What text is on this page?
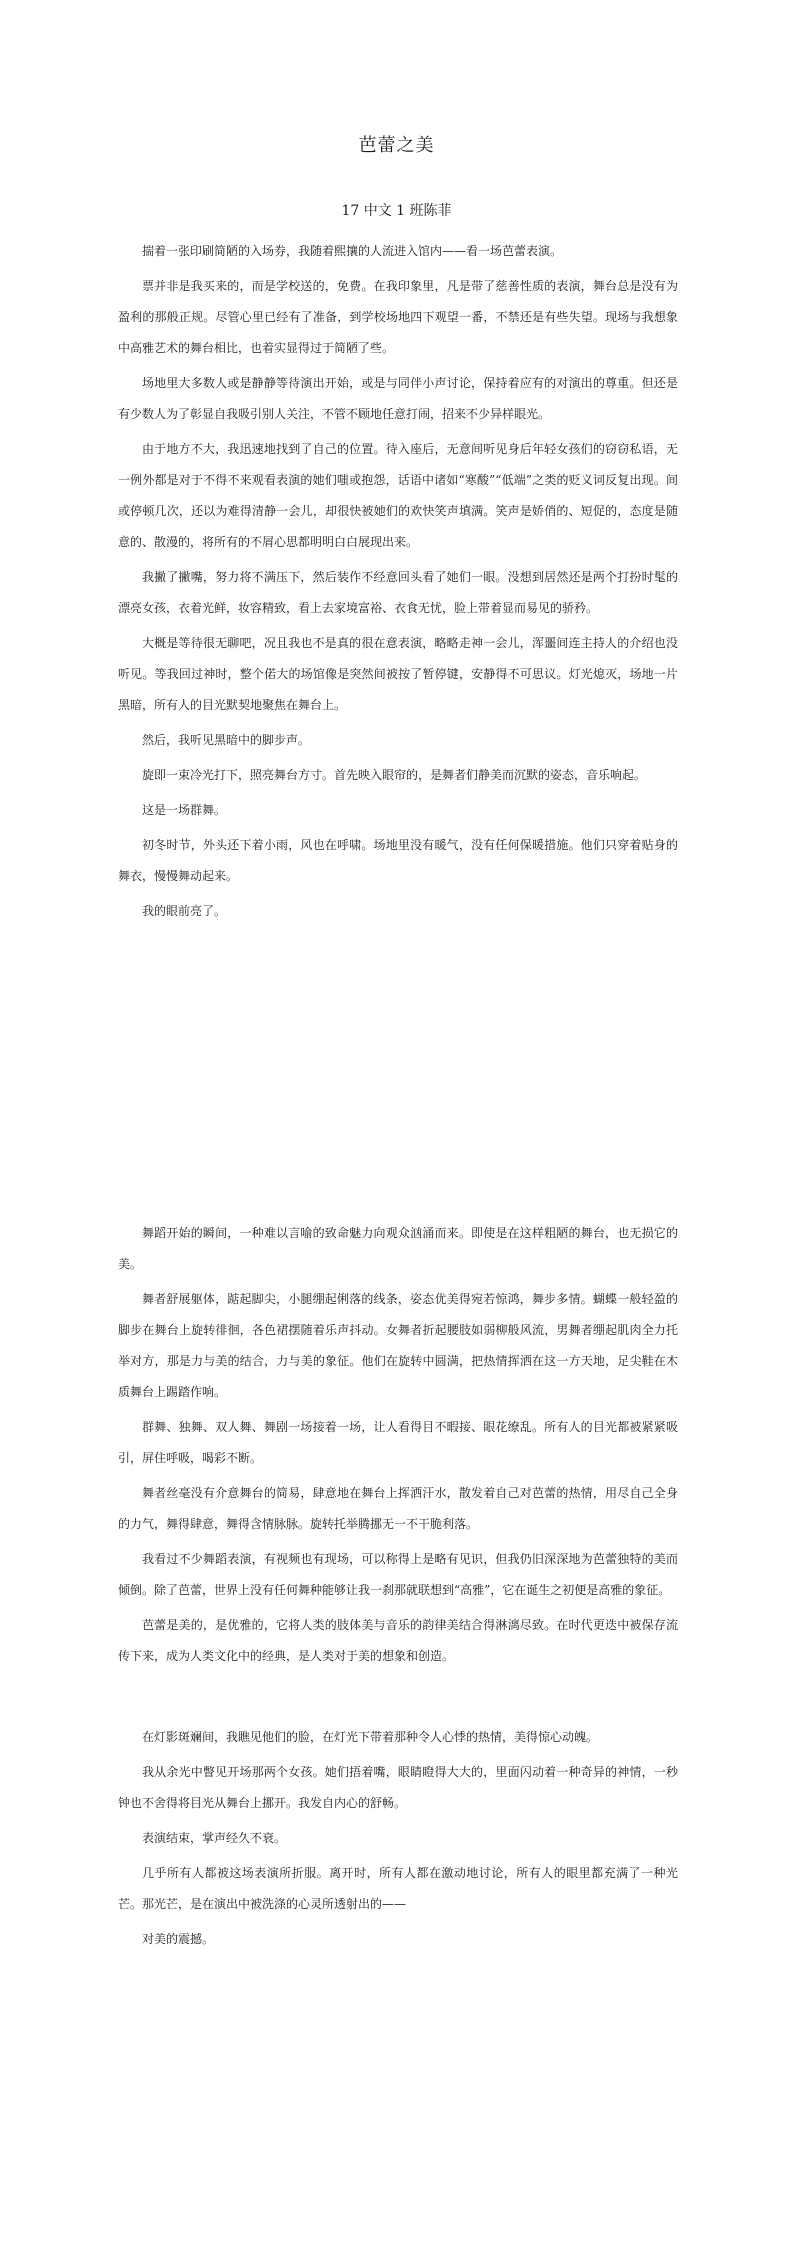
芭蕾之美
17 中文 1 班陈菲

揣着一张印刷简陋的入场券，我随着熙攘的人流进入馆内——看一场芭蕾表演。

票并非是我买来的，而是学校送的，免费。在我印象里，凡是带了慈善性质的表演，舞台总是没有为盈利的那般正规。尽管心里已经有了准备，到学校场地四下观望一番，不禁还是有些失望。现场与我想象中高雅艺术的舞台相比，也着实显得过于简陋了些。

场地里大多数人或是静静等待演出开始，或是与同伴小声讨论，保持着应有的对演出的尊重。但还是有少数人为了彰显自我吸引别人关注，不管不顾地任意打闹，招来不少异样眼光。

由于地方不大，我迅速地找到了自己的位置。待入座后，无意间听见身后年轻女孩们的窃窃私语，无一例外都是对于不得不来观看表演的她们嗤或抱怨，话语中诸如“寒酸”“低端”之类的贬义词反复出现。间或停顿几次，还以为难得清静一会儿，却很快被她们的欢快笑声填满。笑声是娇俏的、短促的，态度是随意的、散漫的，将所有的不屑心思都明明白白展现出来。

我撇了撇嘴，努力将不满压下，然后装作不经意回头看了她们一眼。没想到居然还是两个打扮时髦的漂亮女孩，衣着光鲜，妆容精致，看上去家境富裕、衣食无忧，脸上带着显而易见的骄矜。

大概是等待很无聊吧，况且我也不是真的很在意表演，略略走神一会儿，浑噩间连主持人的介绍也没听见。等我回过神时，整个偌大的场馆像是突然间被按了暂停键，安静得不可思议。灯光熄灭，场地一片黑暗，所有人的目光默契地聚焦在舞台上。

然后，我听见黑暗中的脚步声。

旋即一束冷光打下，照亮舞台方寸。首先映入眼帘的，是舞者们静美而沉默的姿态，音乐响起。

这是一场群舞。

初冬时节，外头还下着小雨，风也在呼啸。场地里没有暖气，没有任何保暖措施。他们只穿着贴身的舞衣，慢慢舞动起来。

我的眼前亮了。

舞蹈开始的瞬间，一种难以言喻的致命魅力向观众汹涌而来。即使是在这样粗陋的舞台，也无损它的美。

舞者舒展躯体，踮起脚尖，小腿绷起俐落的线条，姿态优美得宛若惊鸿，舞步多情。蝴蝶一般轻盈的脚步在舞台上旋转徘徊，各色裙摆随着乐声抖动。女舞者折起腰肢如弱柳般风流，男舞者绷起肌肉全力托举对方，那是力与美的结合，力与美的象征。他们在旋转中圆满，把热情挥洒在这一方天地，足尖鞋在木质舞台上踢踏作响。

群舞、独舞、双人舞、舞剧一场接着一场，让人看得目不暇接、眼花缭乱。所有人的目光都被紧紧吸引，屏住呼吸，喝彩不断。

舞者丝毫没有介意舞台的简易，肆意地在舞台上挥洒汗水，散发着自己对芭蕾的热情，用尽自己全身的力气，舞得肆意，舞得含情脉脉。旋转托举腾挪无一不干脆利落。

我看过不少舞蹈表演，有视频也有现场，可以称得上是略有见识，但我仍旧深深地为芭蕾独特的美而倾倒。除了芭蕾，世界上没有任何舞种能够让我一刹那就联想到“高雅”，它在诞生之初便是高雅的象征。

芭蕾是美的，是优雅的，它将人类的肢体美与音乐的韵律美结合得淋漓尽致。在时代更迭中被保存流传下来，成为人类文化中的经典，是人类对于美的想象和创造。

在灯影斑斓间，我瞧见他们的脸，在灯光下带着那种令人心悸的热情，美得惊心动魄。

我从余光中瞥见开场那两个女孩。她们捂着嘴，眼睛瞪得大大的，里面闪动着一种奇异的神情，一秒钟也不舍得将目光从舞台上挪开。我发自内心的舒畅。

表演结束，掌声经久不衰。

几乎所有人都被这场表演所折服。离开时，所有人都在激动地讨论，所有人的眼里都充满了一种光芒。那光芒，是在演出中被洗涤的心灵所透射出的——

对美的震撼。
